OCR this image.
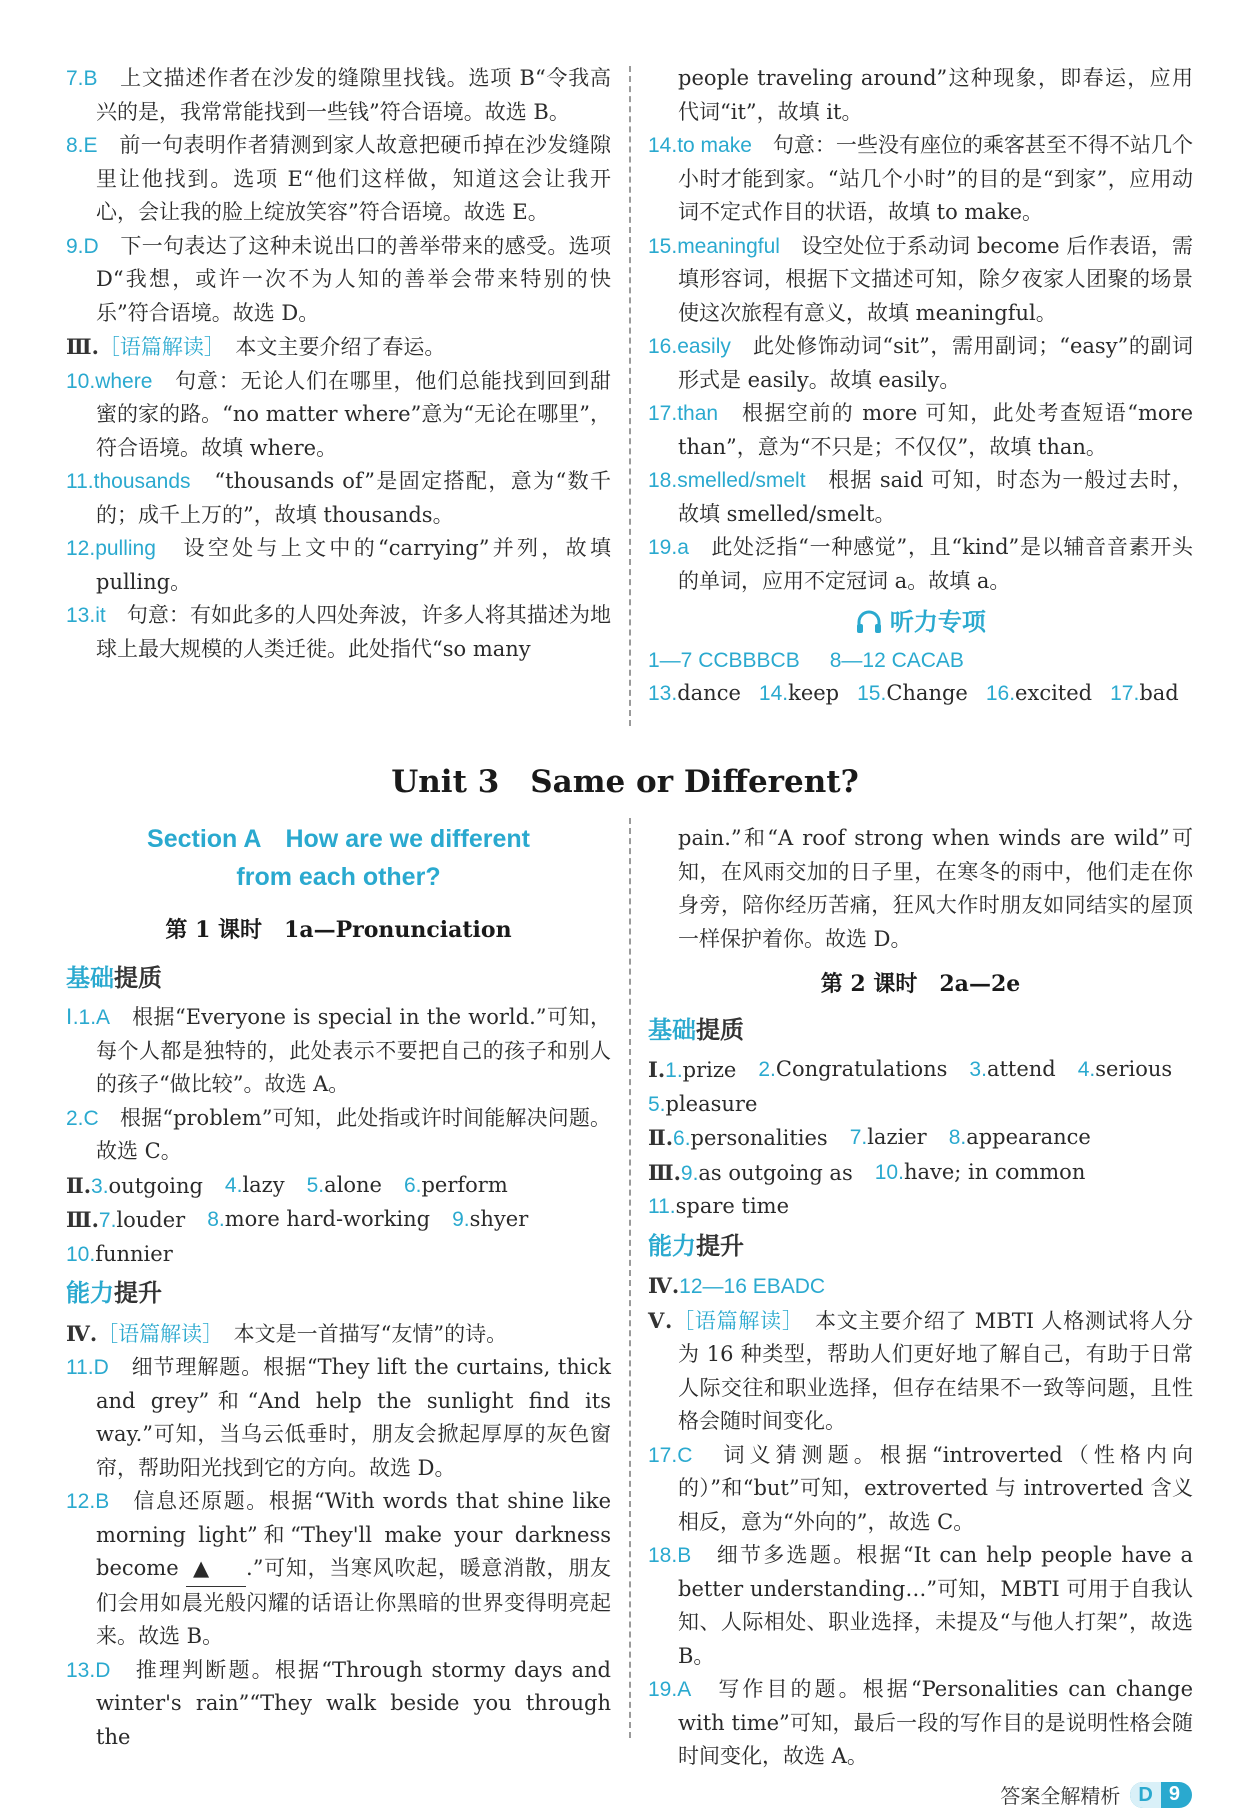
7.B　 上文描述作者在沙发的缝隙里找钱。选项 B“令我高兴的是，我常常能找到一些钱”符合语境。故选 B。

8.E　 前一句表明作者猜测到家人故意把硬币掉在沙发缝隙里让他找到。选项 E“他们这样做，知道这会让我开心，会让我的脸上绽放笑容”符合语境。故选 E。

9.D　 下一句表达了这种未说出口的善举带来的感受。选项 D“我想，或许一次不为人知的善举会带来特别的快乐”符合语境。故选 D。

Ⅲ.［语篇解读］　 本文主要介绍了春运。

10.where　 句意：无论人们在哪里，他们总能找到回到甜蜜的家的路。“no matter where”意为“无论在哪里”，符合语境。故填 where。

11.thousands　 “thousands of”是固定搭配，意为“数千的；成千上万的”，故填 thousands。

12.pulling　 设空处与上文中的“carrying”并列，故填 pulling。

13.it　 句意：有如此多的人四处奔波，许多人将其描述为地球上最大规模的人类迁徙。此处指代“so many

people traveling around”这种现象，即春运，应用代词“it”，故填 it。

14.to make　 句意：一些没有座位的乘客甚至不得不站几个小时才能到家。“站几个小时”的目的是“到家”，应用动词不定式作目的状语，故填 to make。

15.meaningful　 设空处位于系动词 become 后作表语，需填形容词，根据下文描述可知，除夕夜家人团聚的场景使这次旅程有意义，故填 meaningful。

16.easily　 此处修饰动词“sit”，需用副词；“easy”的副词形式是 easily。故填 easily。

17.than　 根据空前的 more 可知，此处考查短语“more than”，意为“不只是；不仅仅”，故填 than。

18.smelled/smelt　 根据 said 可知，时态为一般过去时，故填 smelled/smelt。

19.a　 此处泛指“一种感觉”，且“kind”是以辅音音素开头的单词，应用不定冠词 a。故填 a。

听力专项

1—7 CCBBBCB 8—12 CACAB

13.dance 14.keep 15.Change 16.excited 17.bad

Unit 3　Same or Different?
Section A　How are we different
from each other?

第 1 课时　1a—Pronunciation

基础提质

Ⅰ.1.A　 根据“Everyone is special in the world.”可知，每个人都是独特的，此处表示不要把自己的孩子和别人的孩子“做比较”。故选 A。

2.C　 根据“problem”可知，此处指或许时间能解决问题。故选 C。

Ⅱ.3.outgoing 4.lazy 5.alone 6.perform

Ⅲ.7.louder 8.more hard-working 9.shyer
10.funnier

能力提升

Ⅳ.［语篇解读］　 本文是一首描写“友情”的诗。

11.D　 细节理解题。根据“They lift the curtains, thick and grey”和“And help the sunlight find its way.”可知，当乌云低垂时，朋友会掀起厚厚的灰色窗帘，帮助阳光找到它的方向。故选 D。

12.B　 信息还原题。根据“With words that shine like morning light”和“They'll make your darkness become ▲ .”可知，当寒风吹起，暖意消散，朋友们会用如晨光般闪耀的话语让你黑暗的世界变得明亮起来。故选 B。

13.D　 推理判断题。根据“Through stormy days and winter's rain”“They walk beside you through the

pain.”和“A roof strong when winds are wild”可知，在风雨交加的日子里，在寒冬的雨中，他们走在你身旁，陪你经历苦痛，狂风大作时朋友如同结实的屋顶一样保护着你。故选 D。

第 2 课时　2a—2e

基础提质

Ⅰ.1.prize 2.Congratulations 3.attend 4.serious
5.pleasure

Ⅱ.6.personalities 7.lazier 8.appearance

Ⅲ.9.as outgoing as 10.have; in common
11.spare time

能力提升

Ⅳ.12—16 EBADC

Ⅴ.［语篇解读］　 本文主要介绍了 MBTI 人格测试将人分为 16 种类型，帮助人们更好地了解自己，有助于日常人际交往和职业选择，但存在结果不一致等问题，且性格会随时间变化。

17.C　 词义猜测题。根据“introverted（性格内向的）”和“but”可知，extroverted 与 introverted 含义相反，意为“外向的”，故选 C。

18.B　 细节多选题。根据“It can help people have a better understanding…”可知，MBTI 可用于自我认知、人际相处、职业选择，未提及“与他人打架”，故选 B。

19.A　 写作目的题。根据“Personalities can change with time”可知，最后一段的写作目的是说明性格会随时间变化，故选 A。

答案全解精析 D 9
